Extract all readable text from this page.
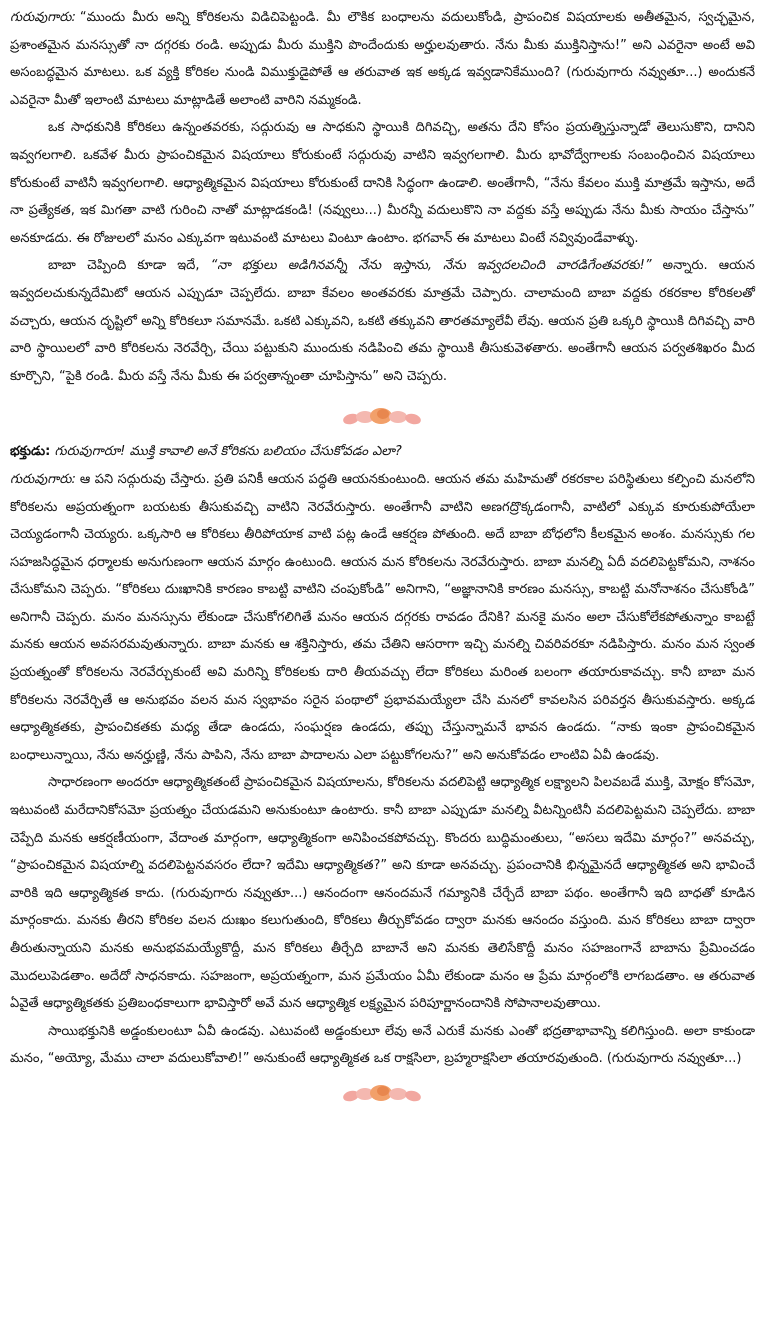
గురువుగారు: “ముందు మీరు అన్ని కోరికలను విడిచిపెట్టండి. మీ లౌకిక బంధాలను వదులుకోండి, ప్రాపంచిక విషయాలకు అతీతమైన, స్వచ్ఛమైన, ప్రశాంతమైన మనస్సుతో నా దగ్గరకు రండి. అప్పుడు మీరు ముక్తిని పొందేందుకు అర్హులవుతారు. నేను మీకు ముక్తినిస్తాను!” అని ఎవరైనా అంటే అవి అసంబద్ధమైన మాటలు. ఒక వ్యక్తి కోరికల నుండి విముక్తుడైపోతే ఆ తరువాత ఇక అక్కడ ఇవ్వడానికేముంది? (గురువుగారు నవ్వుతూ...) అందుకనే ఎవరైనా మీతో ఇలాంటి మాటలు మాట్లాడితే అలాంటి వారిని నమ్మకండి.

ఒక సాధకునికి కోరికలు ఉన్నంతవరకు, సద్గురువు ఆ సాధకుని స్థాయికి దిగివచ్చి, అతను దేని కోసం ప్రయత్నిస్తున్నాడో తెలుసుకొని, దానిని ఇవ్వగలగాలి. ఒకవేళ మీరు ప్రాపంచికమైన విషయాలు కోరుకుంటే సద్గురువు వాటిని ఇవ్వగలగాలి. మీరు భావోద్వేగాలకు సంబంధించిన విషయాలు కోరుకుంటే వాటినీ ఇవ్వగలగాలి. ఆధ్యాత్మికమైన విషయాలు కోరుకుంటే దానికి సిద్ధంగా ఉండాలి. అంతేగానీ, “నేను కేవలం ముక్తి మాత్రమే ఇస్తాను, అదే నా ప్రత్యేకత, ఇక మిగతా వాటి గురించి నాతో మాట్లాడకండి! (నవ్వులు...) మీరన్నీ వదులుకొని నా వద్దకు వస్తే అప్పుడు నేను మీకు సాయం చేస్తాను” అనకూడదు. ఈ రోజులలో మనం ఎక్కువగా ఇటువంటి మాటలు వింటూ ఉంటాం. భగవాన్ ఈ మాటలు వింటే నవ్వివుండేవాళ్ళు.

బాబా చెప్పింది కూడా ఇదే, “నా భక్తులు అడిగినవన్నీ నేను ఇస్తాను, నేను ఇవ్వదలచింది వారడిగేంతవరకు!” అన్నారు. ఆయన ఇవ్వదలచుకున్నదేమిటో ఆయన ఎప్పుడూ చెప్పలేదు. బాబా కేవలం అంతవరకు మాత్రమే చెప్పారు. చాలామంది బాబా వద్దకు రకరకాల కోరికలతో వచ్చారు, ఆయన దృష్టిలో అన్ని కోరికలూ సమానమే. ఒకటి ఎక్కువని, ఒకటి తక్కువని తారతమ్యాలేవీ లేవు. ఆయన ప్రతి ఒక్కరి స్థాయికి దిగివచ్చి వారి వారి స్థాయిలలో వారి కోరికలను నెరవేర్చి, చేయి పట్టుకుని ముందుకు నడిపించి తమ స్థాయికి తీసుకువెళతారు. అంతేగానీ ఆయన పర్వతశిఖరం మీద కూర్చొని, “పైకి రండి. మీరు వస్తే నేను మీకు ఈ పర్వతాన్నంతా చూపిస్తాను” అని చెప్పరు.

భక్తుడు: గురువుగారూ! ముక్తి కావాలి అనే కోరికను బలియం చేసుకోవడం ఎలా?

గురువుగారు: ఆ పని సద్గురువు చేస్తారు. ప్రతి పనికీ ఆయన పద్ధతి ఆయనకుంటుంది. ఆయన తమ మహిమతో రకరకాల పరిస్థితులు కల్పించి మనలోని కోరికలను అప్రయత్నంగా బయటకు తీసుకువచ్చి వాటిని నెరవేరుస్తారు. అంతేగానీ వాటిని అణగద్రొక్కడంగానీ, వాటిలో ఎక్కువ కూరుకుపోయేలా చెయ్యడంగానీ చెయ్యరు. ఒక్కసారి ఆ కోరికలు తీరిపోయాక వాటి పట్ల ఉండే ఆకర్షణ పోతుంది. అదే బాబా బోధలోని కీలకమైన అంశం. మనస్సుకు గల సహజసిద్ధమైన ధర్మాలకు అనుగుణంగా ఆయన మార్గం ఉంటుంది. ఆయన మన కోరికలను నెరవేరుస్తారు. బాబా మనల్ని ఏదీ వదలిపెట్టకోమని, నాశనం చేసుకోమని చెప్పరు. “కోరికలు దుఃఖానికి కారణం కాబట్టి వాటిని చంపుకోండి” అనిగాని, “అజ్ఞానానికి కారణం మనస్సు, కాబట్టి మనోనాశనం చేసుకోండి” అనిగానీ చెప్పరు. మనం మనస్సును లేకుండా చేసుకోగలిగితే మనం ఆయన దగ్గరకు రావడం దేనికి? మనకై మనం అలా చేసుకోలేకపోతున్నాం కాబట్టే మనకు ఆయన అవసరమవుతున్నారు. బాబా మనకు ఆ శక్తినిస్తారు, తమ చేతిని ఆసరాగా ఇచ్చి మనల్ని చివరివరకూ నడిపిస్తారు. మనం మన స్వంత ప్రయత్నంతో కోరికలను నెరవేర్చుకుంటే అవి మరిన్ని కోరికలకు దారి తీయవచ్చు లేదా కోరికలు మరింత బలంగా తయారుకావచ్చు. కానీ బాబా మన కోరికలను నెరవేర్చితే ఆ అనుభవం వలన మన స్వభావం సరైన పంథాలో ప్రభావమయ్యేలా చేసి మనలో కావలసిన పరివర్తన తీసుకువస్తారు. అక్కడ ఆధ్యాత్మికతకు, ప్రాపంచికతకు మధ్య తేడా ఉండదు, సంఘర్షణ ఉండదు, తప్పు చేస్తున్నామనే భావన ఉండదు. “నాకు ఇంకా ప్రాపంచికమైన బంధాలున్నాయి, నేను అనర్హుణ్ణి, నేను పాపిని, నేను బాబా పాదాలను ఎలా పట్టుకోగలను?” అని అనుకోవడం లాంటివి ఏవీ ఉండవు.

సాధారణంగా అందరూ ఆధ్యాత్మికతంటే ప్రాపంచికమైన విషయాలను, కోరికలను వదలిపెట్టి ఆధ్యాత్మిక లక్ష్యాలని పిలవబడే ముక్తి, మోక్షం కోసమో, ఇటువంటి మరేదానికోసమో ప్రయత్నం చేయడమని అనుకుంటూ ఉంటారు. కానీ బాబా ఎప్పుడూ మనల్ని వీటన్నింటినీ వదలిపెట్టమని చెప్పలేదు. బాబా చెప్పేది మనకు ఆకర్షణీయంగా, వేదాంత మార్గంగా, ఆధ్యాత్మికంగా అనిపించకపోవచ్చు. కొందరు బుద్ధిమంతులు, “అసలు ఇదేమి మార్గం?” అనవచ్చు, “ప్రాపంచికమైన విషయాల్ని వదలిపెట్టనవసరం లేదా? ఇదేమి ఆధ్యాత్మికత?” అని కూడా అనవచ్చు. ప్రపంచానికి భిన్నమైనదే ఆధ్యాత్మికత అని భావించే వారికి ఇది ఆధ్యాత్మికత కాదు. (గురువుగారు నవ్వుతూ...) ఆనందంగా ఆనందమనే గమ్యానికి చేర్చేదే బాబా పథం. అంతేగానీ ఇది బాధతో కూడిన మార్గంకాదు. మనకు తీరని కోరికల వలన దుఃఖం కలుగుతుంది, కోరికలు తీర్చుకోవడం ద్వారా మనకు ఆనందం వస్తుంది. మన కోరికలు బాబా ద్వారా తీరుతున్నాయని మనకు అనుభవమయ్యేకొద్దీ, మన కోరికలు తీర్చేది బాబానే అని మనకు తెలిసేకొద్దీ మనం సహజంగానే బాబాను ప్రేమించడం మొదలుపెడతాం. అదేదో సాధనకాదు. సహజంగా, అప్రయత్నంగా, మన ప్రమేయం ఏమీ లేకుండా మనం ఆ ప్రేమ మార్గంలోకి లాగబడతాం. ఆ తరువాత ఏవైతే ఆధ్యాత్మికతకు ప్రతిబంధకాలుగా భావిస్తారో అవే మన ఆధ్యాత్మిక లక్ష్యమైన పరిపూర్ణానందానికి సోపానాలవుతాయి.

సాయిభక్తునికి అడ్డంకులంటూ ఏవీ ఉండవు. ఎటువంటి అడ్డంకులూ లేవు అనే ఎరుకే మనకు ఎంతో భద్రతాభావాన్ని కలిగిస్తుంది. అలా కాకుండా మనం, “అయ్యో, మేము చాలా వదులుకోవాలి!” అనుకుంటే ఆధ్యాత్మికత ఒక రాక్షసిలా, బ్రహ్మరాక్షసిలా తయారవుతుంది. (గురువుగారు నవ్వుతూ...)
